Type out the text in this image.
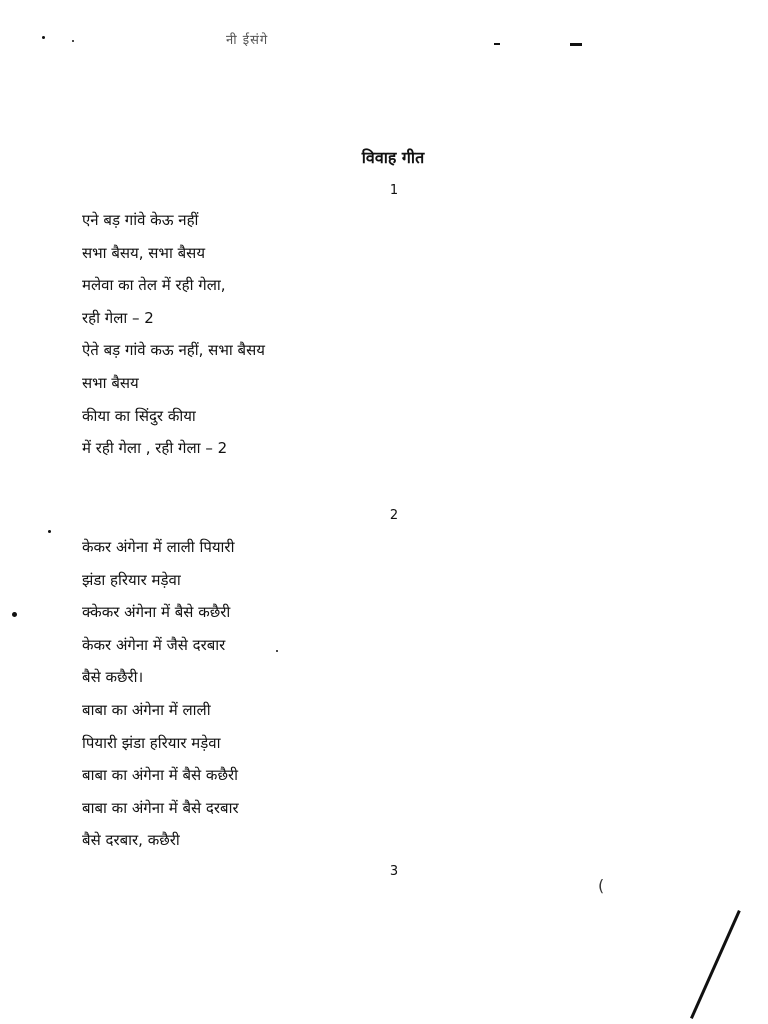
नी ईसंगे
विवाह गीत
1
एने बड़ गांवे केऊ नहीं
सभा बैसय, सभा बैसय
मलेवा का तेल में रही गेला,
रही गेला – 2
ऐते बड़ गांवे कऊ नहीं, सभा बैसय
सभा बैसय
कीया का सिंदुर कीया
में रही गेला , रही गेला – 2
2
केकर अंगेना में लाली पियारी
झंडा हरियार मड़ेवा
क्केकर अंगेना में बैसे कछैरी
केकर अंगेना में जैसे दरबार
बैसे कछैरी।
बाबा का अंगेना में लाली
पियारी झंडा हरियार मड़ेवा
बाबा का अंगेना में बैसे कछैरी
बाबा का अंगेना में बैसे दरबार
बैसे दरबार, कछैरी
3
(
